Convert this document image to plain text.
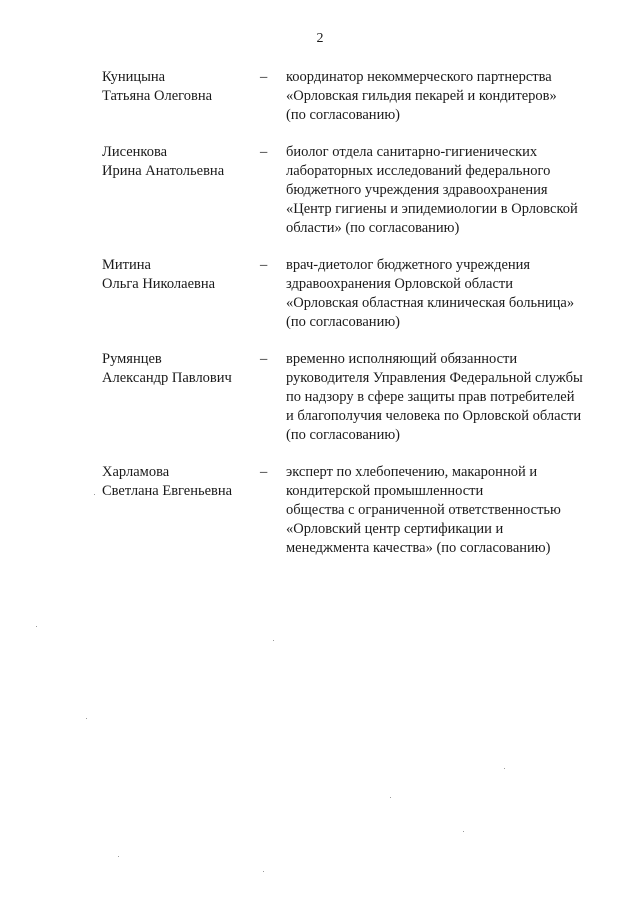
2
Куницына
Татьяна Олеговна
–	координатор некоммерческого партнерства
«Орловская гильдия пекарей и кондитеров»
(по согласованию)
Лисенкова
Ирина Анатольевна
–	биолог отдела санитарно-гигиенических
лабораторных исследований федерального
бюджетного учреждения здравоохранения
«Центр гигиены и эпидемиологии в Орловской
области» (по согласованию)
Митина
Ольга Николаевна
–	врач-диетолог бюджетного учреждения
здравоохранения Орловской области
«Орловская областная клиническая больница»
(по согласованию)
Румянцев
Александр Павлович
–	временно исполняющий обязанности
руководителя Управления Федеральной службы
по надзору в сфере защиты прав потребителей
и благополучия человека по Орловской области
(по согласованию)
Харламова
Светлана Евгеньевна
–	эксперт по хлебопечению, макаронной и
кондитерской промышленности
общества с ограниченной ответственностью
«Орловский центр сертификации и
менеджмента качества» (по согласованию)
